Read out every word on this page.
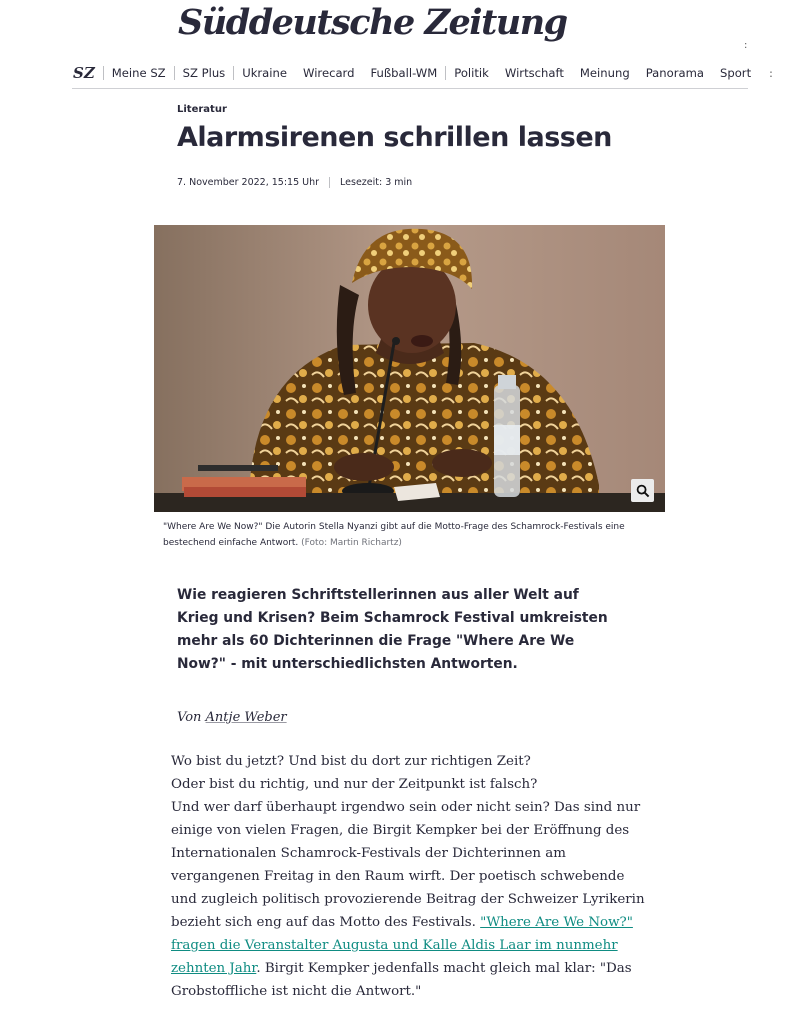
Süddeutsche Zeitung
:
SZ	Meine SZ	SZ Plus	Ukraine	Wirecard	Fußball-WM	Politik	Wirtschaft	Meinung	Panorama	Sport	:
Literatur
Alarmsirenen schrillen lassen
7. November 2022, 15:15 Uhr Lesezeit: 3 min
"Where Are We Now?" Die Autorin Stella Nyanzi gibt auf die Motto-Frage des Schamrock-Festivals eine bestechend einfache Antwort. (Foto: Martin Richartz)

Wie reagieren Schriftstellerinnen aus aller Welt auf Krieg und Krisen? Beim Schamrock Festival umkreisten mehr als 60 Dichterinnen die Frage "Where Are We Now?" - mit unterschiedlichsten Antworten.

Von Antje Weber
Wo bist du jetzt? Und bist du dort zur richtigen Zeit?
Oder bist du richtig, und nur der Zeitpunkt ist falsch?
Und wer darf überhaupt irgendwo sein oder nicht sein? Das sind nur
einige von vielen Fragen, die Birgit Kempker bei der Eröffnung des
Internationalen Schamrock-Festivals der Dichterinnen am
vergangenen Freitag in den Raum wirft. Der poetisch schwebende
und zugleich politisch provozierende Beitrag der Schweizer Lyrikerin
bezieht sich eng auf das Motto des Festivals. "Where Are We Now?"
fragen die Veranstalter Augusta und Kalle Aldis Laar im nunmehr
zehnten Jahr. Birgit Kempker jedenfalls macht gleich mal klar: "Das
Grobstoffliche ist nicht die Antwort."
